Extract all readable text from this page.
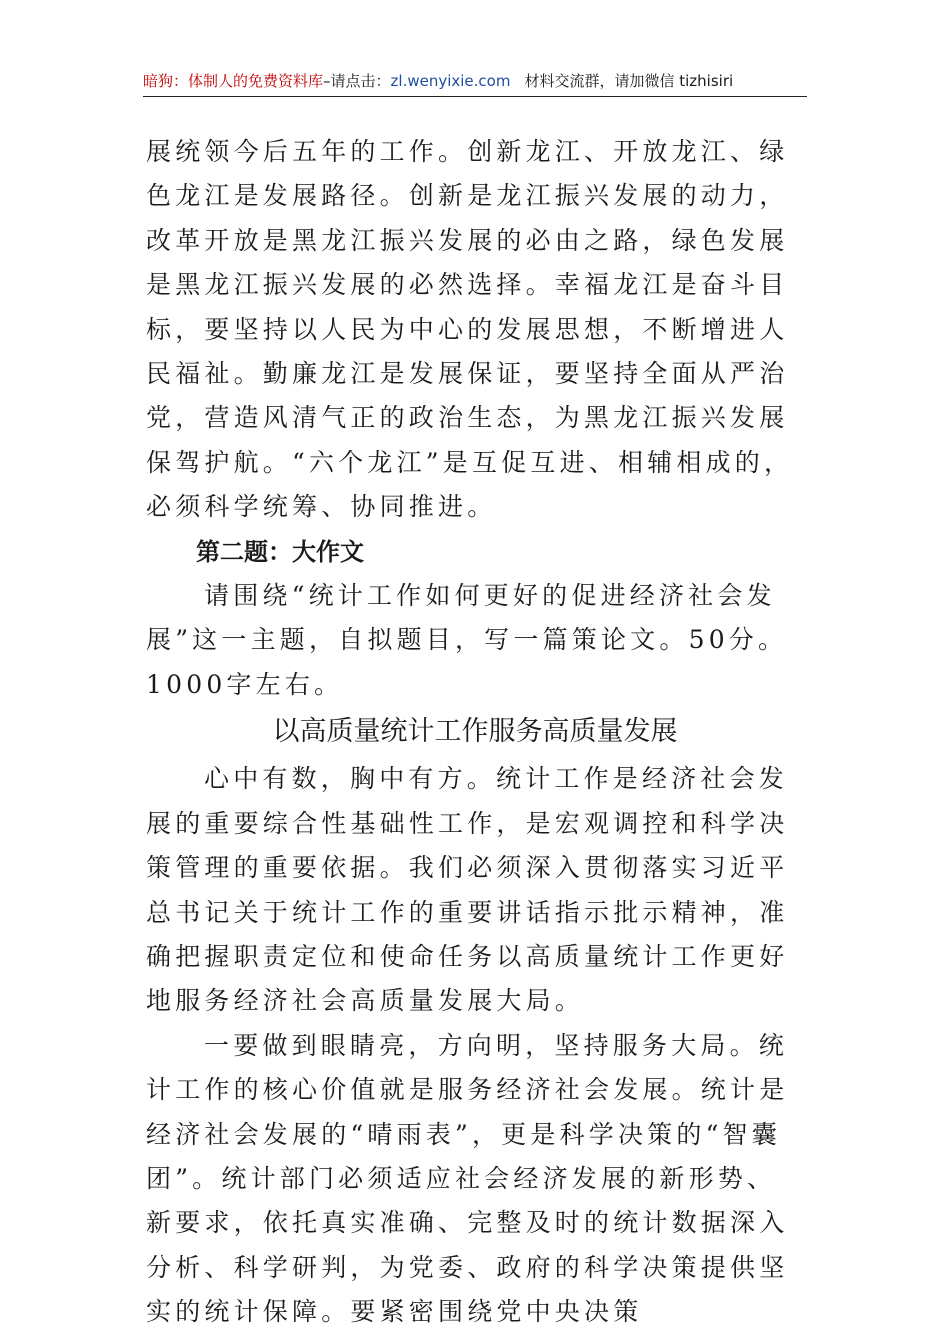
暗狗：体制人的免费资料库–请点击：zl.wenyixie.com 材料交流群，请加微信 tizhisiri

展统领今后五年的工作。创新龙江、开放龙江、绿色龙江是发展路径。创新是龙江振兴发展的动力，改革开放是黑龙江振兴发展的必由之路，绿色发展是黑龙江振兴发展的必然选择。幸福龙江是奋斗目标，要坚持以人民为中心的发展思想，不断增进人民福祉。勤廉龙江是发展保证，要坚持全面从严治党，营造风清气正的政治生态，为黑龙江振兴发展保驾护航。“六个龙江”是互促互进、相辅相成的，必须科学统筹、协同推进。

第二题：大作文

请围绕“统计工作如何更好的促进经济社会发展”这一主题，自拟题目，写一篇策论文。50分。1000字左右。

以高质量统计工作服务高质量发展

心中有数，胸中有方。统计工作是经济社会发展的重要综合性基础性工作，是宏观调控和科学决策管理的重要依据。我们必须深入贯彻落实习近平总书记关于统计工作的重要讲话指示批示精神，准确把握职责定位和使命任务以高质量统计工作更好地服务经济社会高质量发展大局。

一要做到眼睛亮，方向明，坚持服务大局。统计工作的核心价值就是服务经济社会发展。统计是经济社会发展的“晴雨表”，更是科学决策的“智囊团”。统计部门必须适应社会经济发展的新形势、新要求，依托真实准确、完整及时的统计数据深入分析、科学研判，为党委、政府的科学决策提供坚实的统计保障。要紧密围绕党中央决策
